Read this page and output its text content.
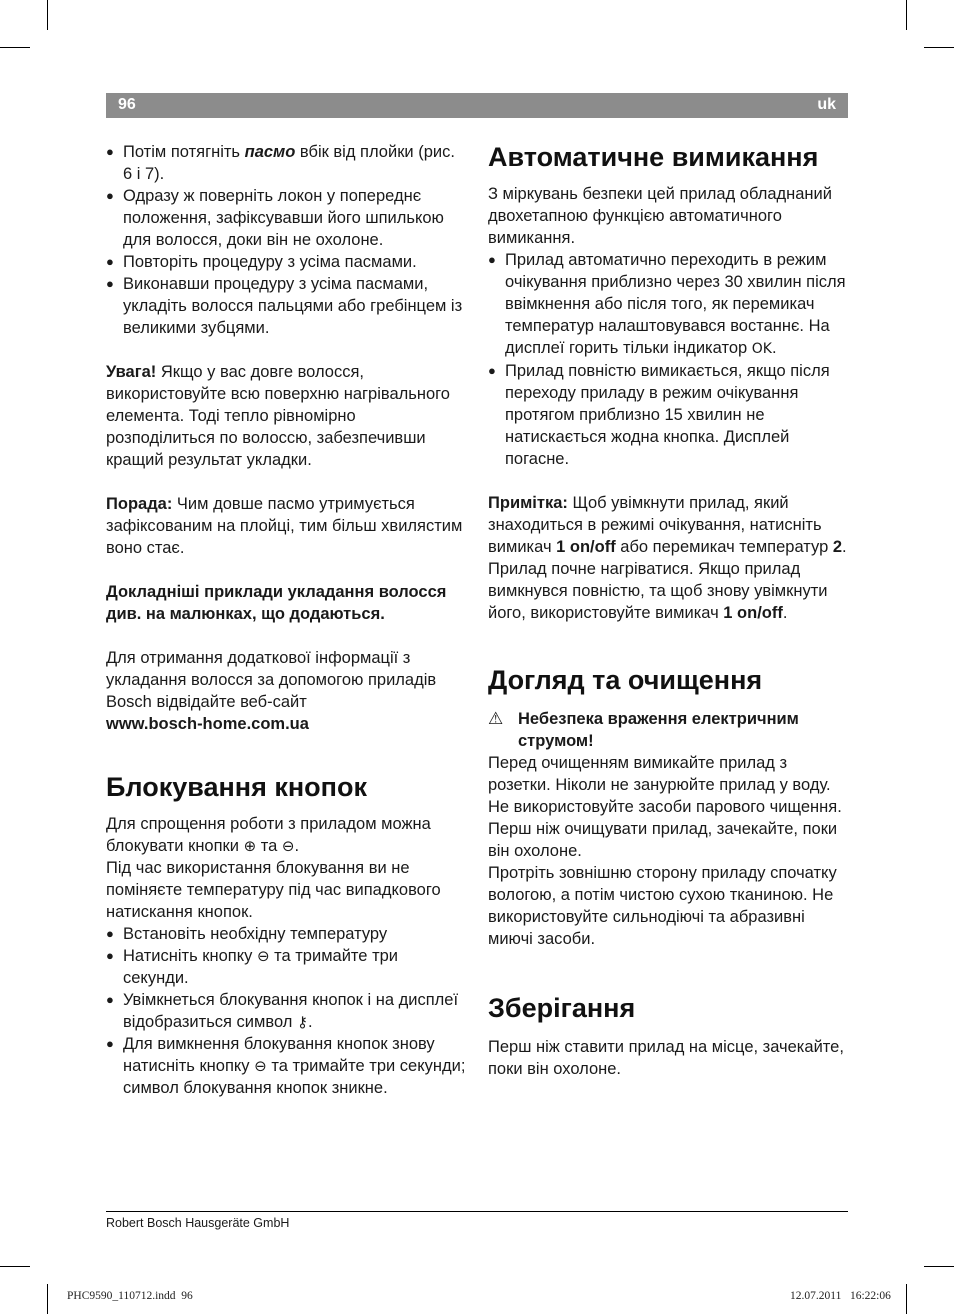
96	uk
● Потім потягніть пасмо вбік від плойки (рис. 6 і 7).
● Одразу ж поверніть локон у попереднє положення, зафіксувавши його шпилькою для волосся, доки він не охолоне.
● Повторіть процедуру з усіма пасмами.
● Виконавши процедуру з усіма пасмами, укладіть волосся пальцями або гребінцем із великими зубцями.

Увага! Якщо у вас довге волосся, використовуйте всю поверхню нагрівального елемента. Тоді тепло рівномірно розподілиться по волоссю, забезпечивши кращий результат укладки.

Порада: Чим довше пасмо утримується зафіксованим на плойці, тим більш хвилястим воно стає.

Докладніші приклади укладання волосся див. на малюнках, що додаються.

Для отримання додаткової інформації з укладання волосся за допомогою приладів Bosch відвідайте веб-сайт
www.bosch-home.com.ua

Блокування кнопок

Для спрощення роботи з приладом можна блокувати кнопки ⊕ та ⊖.
Під час використання блокування ви не поміняєте температуру під час випадкового натискання кнопок.

● Встановіть необхідну температуру
● Натисніть кнопку ⊖ та тримайте три секунди.
● Увімкнеться блокування кнопок і на дисплеї відобразиться символ ⚷.
● Для вимкнення блокування кнопок знову натисніть кнопку ⊖ та тримайте три секунди; символ блокування кнопок зникне.
Автоматичне вимикання

З міркувань безпеки цей прилад обладнаний двохетапною функцією автоматичного вимикання.

● Прилад автоматично переходить в режим очікування приблизно через 30 хвилин після ввімкнення або після того, як перемикач температур налаштовувався востаннє. На дисплеї горить тільки індикатор OK.
● Прилад повністю вимикається, якщо після переходу приладу в режим очікування протягом приблизно 15 хвилин не натискається жодна кнопка. Дисплей погасне.

Примітка: Щоб увімкнути прилад, який знаходиться в режимі очікування, натисніть вимикач 1 on/off або перемикач температур 2. Прилад почне нагріватися. Якщо прилад вимкнувся повністю, та щоб знову увімкнути його, використовуйте вимикач 1 on/off.

Догляд та очищення

⚠ Небезпека враження електричним струмом!

Перед очищенням вимикайте прилад з розетки. Ніколи не занурюйте прилад у воду. Не використовуйте засоби парового чищення. Перш ніж очищувати прилад, зачекайте, поки він охолоне.

Протріть зовнішню сторону приладу спочатку вологою, а потім чистою сухою тканиною. Не використовуйте сильнодіючі та абразивні миючі засоби.

Зберігання

Перш ніж ставити прилад на місце, зачекайте, поки він охолоне.

Robert Bosch Hausgeräte GmbH
PHC9590_110712.indd 96	12.07.2011 16:22:06
